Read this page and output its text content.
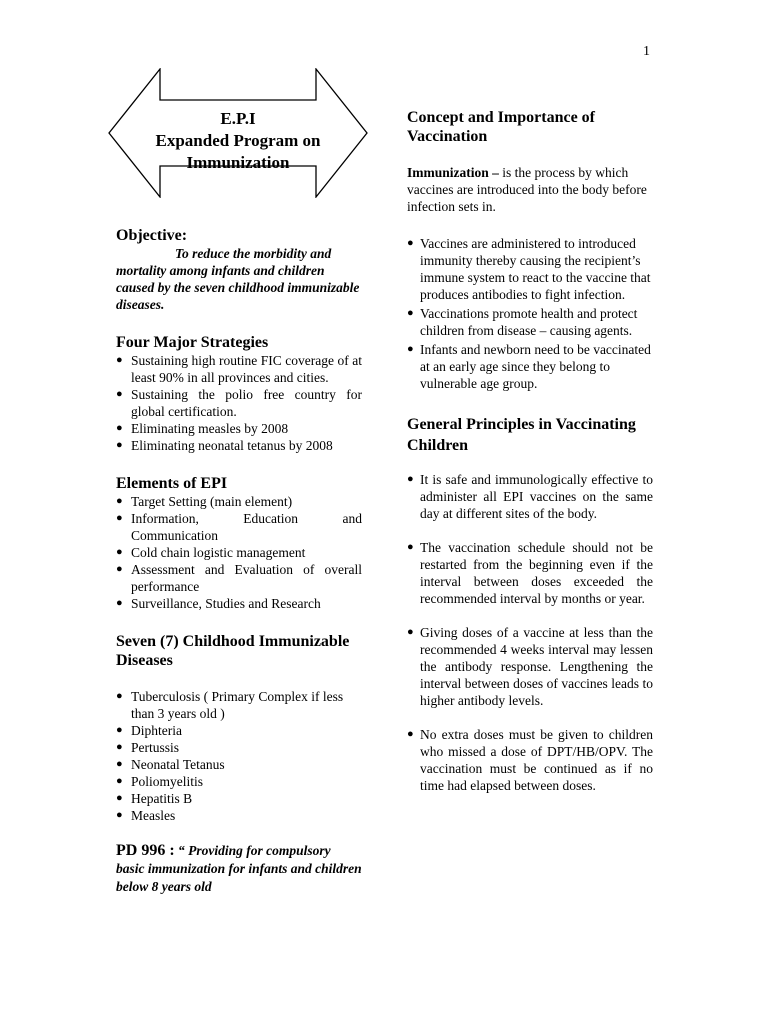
1
E.P.I
Expanded Program on
Immunization
Objective:
To reduce the morbidity and mortality among infants and children caused by the seven childhood immunizable diseases.
Four Major Strategies
● Sustaining high routine FIC coverage of at least 90% in all provinces and cities.
● Sustaining the polio free country for global certification.
● Eliminating measles by 2008
● Eliminating neonatal tetanus by 2008
Elements of EPI
● Target Setting (main element)
● Information, Education and Communication
● Cold chain logistic management
● Assessment and Evaluation of overall performance
● Surveillance, Studies and Research
Seven (7) Childhood Immunizable Diseases
● Tuberculosis ( Primary Complex if less than 3 years old )
● Diphteria
● Pertussis
● Neonatal Tetanus
● Poliomyelitis
● Hepatitis B
● Measles
PD 996 : “ Providing for compulsory basic immunization for infants and children below 8 years old
Concept and Importance of Vaccination
Immunization – is the process by which vaccines are introduced into the body before infection sets in.
● Vaccines are administered to introduced immunity thereby causing the recipient’s immune system to react to the vaccine that produces antibodies to fight infection.
● Vaccinations promote health and protect children from disease – causing agents.
● Infants and newborn need to be vaccinated at an early age since they belong to vulnerable age group.
General Principles in Vaccinating Children
● It is safe and immunologically effective to administer all EPI vaccines on the same day at different sites of the body.
● The vaccination schedule should not be restarted from the beginning even if the interval between doses exceeded the recommended interval by months or year.
● Giving doses of a vaccine at less than the recommended 4 weeks interval may lessen the antibody response. Lengthening the interval between doses of vaccines leads to higher antibody levels.
● No extra doses must be given to children who missed a dose of DPT/HB/OPV. The vaccination must be continued as if no time had elapsed between doses.
